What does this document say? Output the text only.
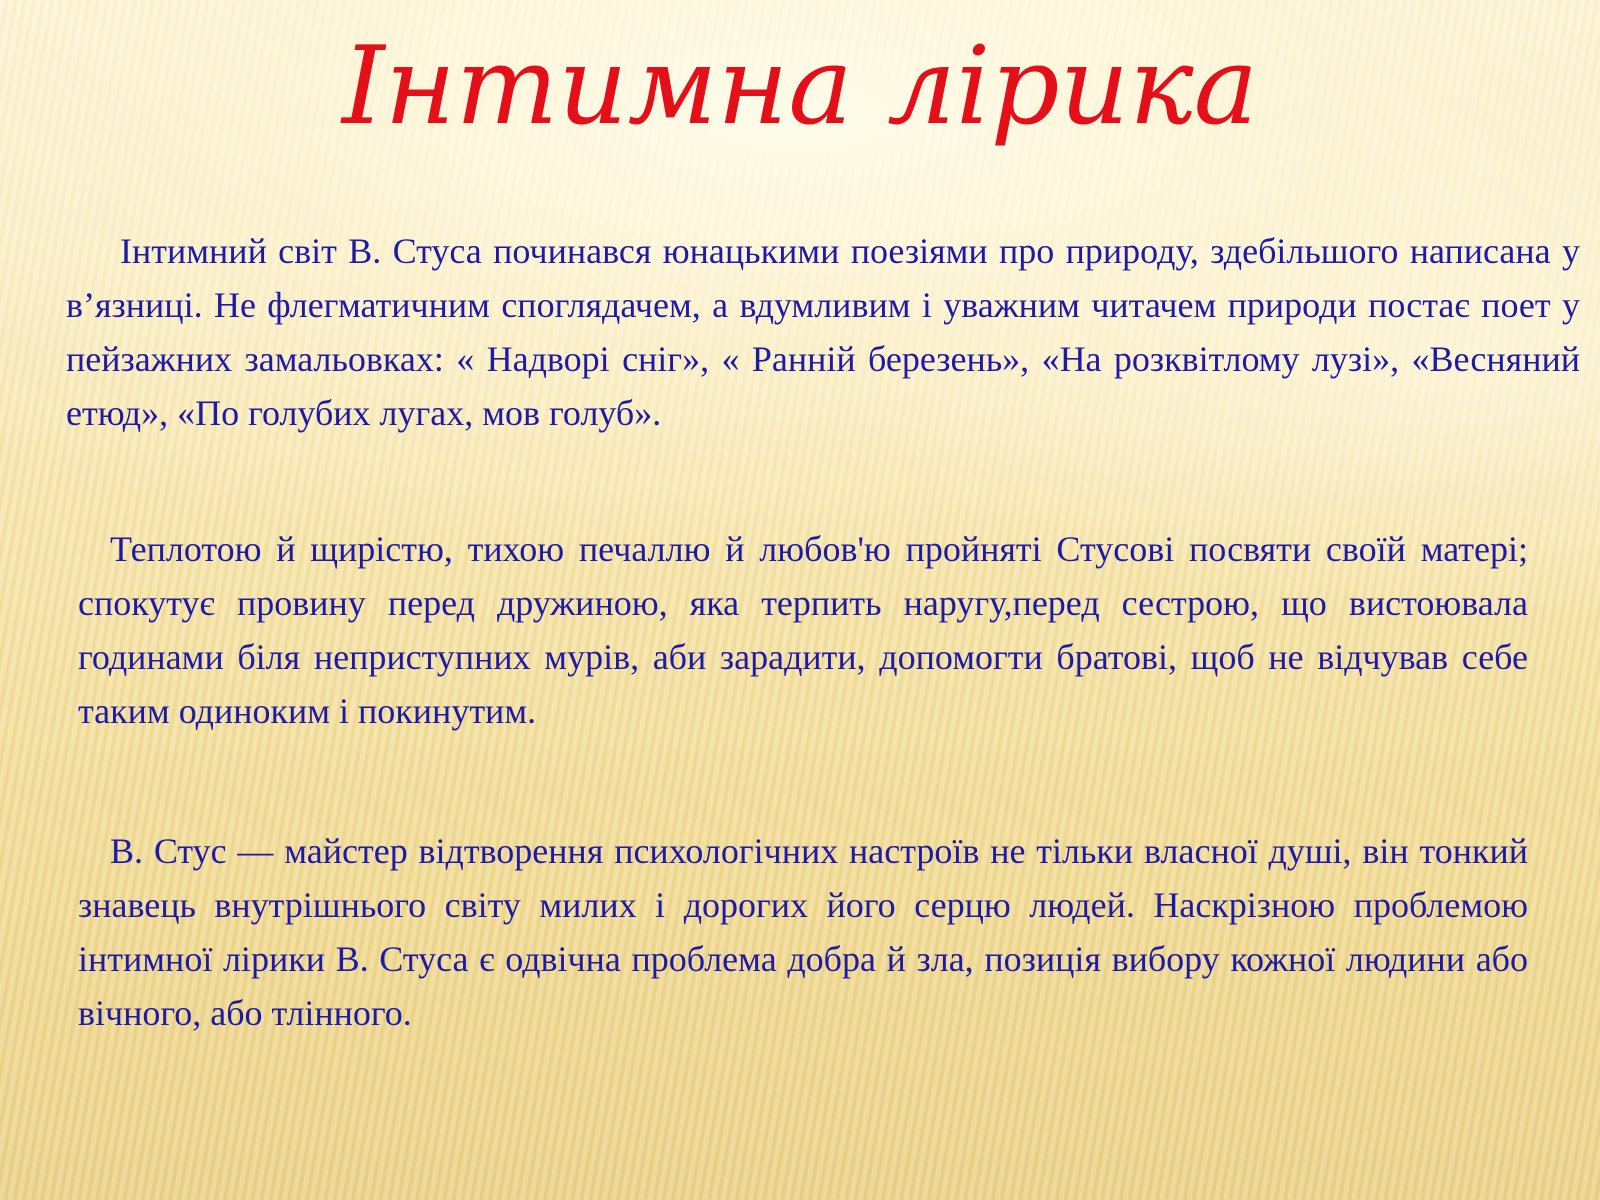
Інтимна лірика

Інтимний світ В. Стуса починався юнацькими поезіями про природу, здебільшого написана у в’язниці. Не флегматичним споглядачем, а вдумливим і уважним читачем природи постає поет у пейзажних замальовках: « Надворі сніг», « Ранній березень», «На розквітлому лузі», «Весняний етюд», «По голубих лугах, мов голуб».

Теплотою й щирістю, тихою печаллю й любов'ю пройняті Стусові посвяти своїй матері; спокутує провину перед дружиною, яка терпить наругу,перед сестрою, що вистоювала годинами біля неприступних мурів, аби зарадити, допомогти братові, щоб не відчував себе таким одиноким і покинутим.

В. Стус — майстер відтворення психологічних настроїв не тільки власної душі, він тонкий знавець внутрішнього світу милих і дорогих його серцю людей. Наскрізною проблемою інтимної лірики В. Стуса є одвічна проблема добра й зла, позиція вибору кожної людини або вічного, або тлінного.
